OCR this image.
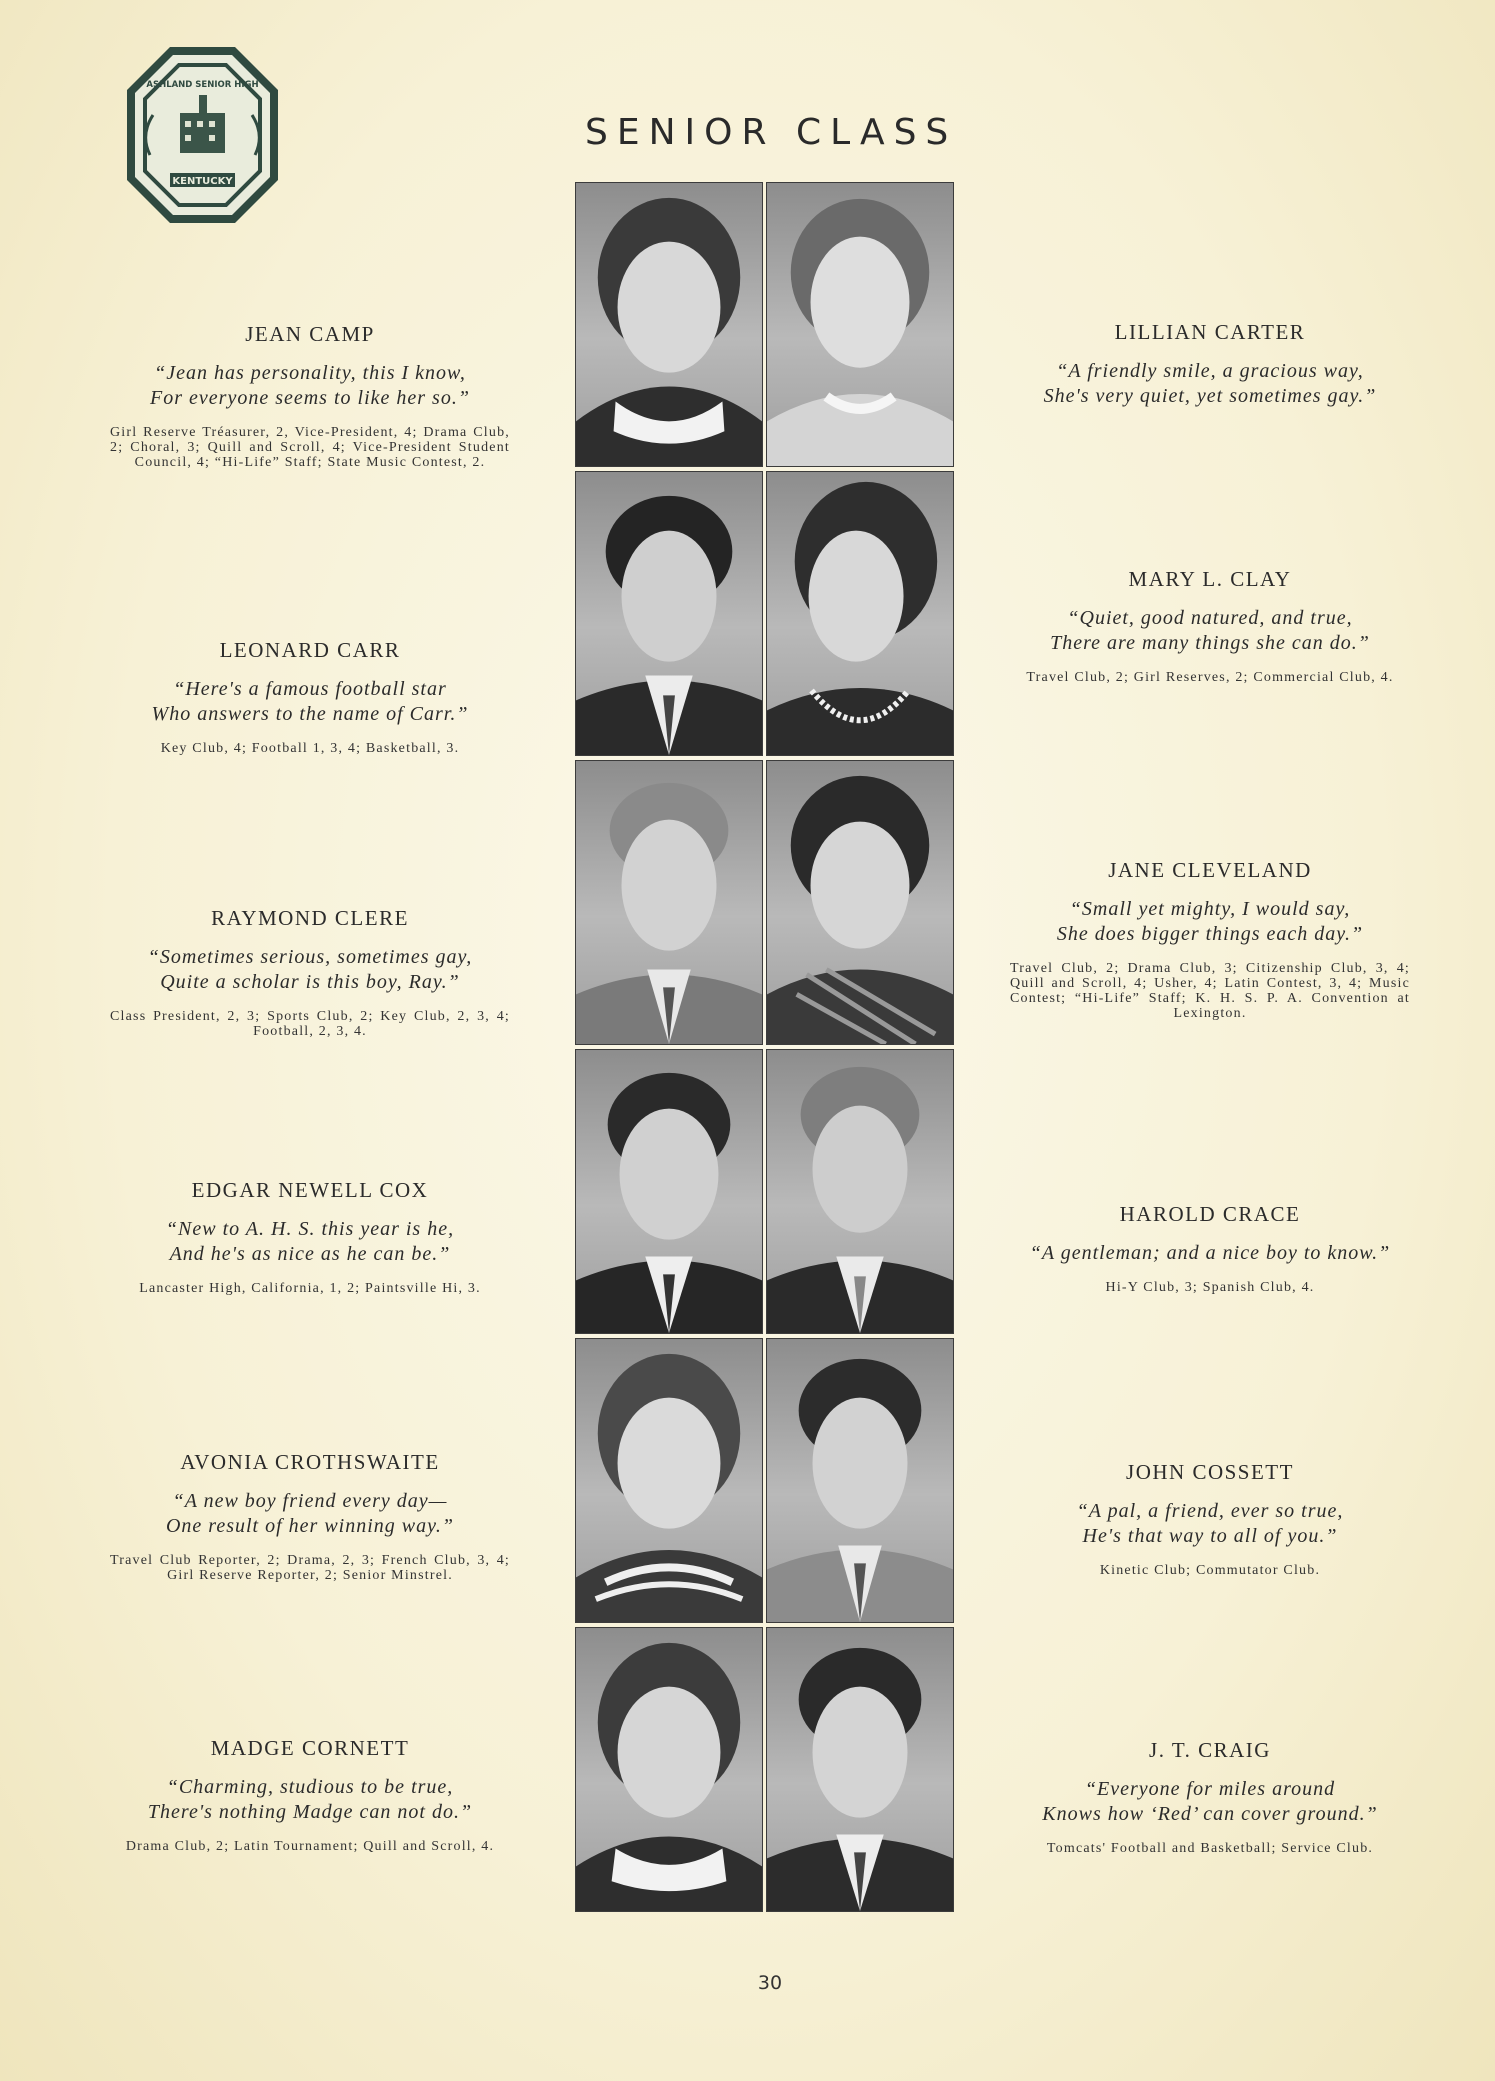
KENTUCKY
ASHLAND SENIOR HIGH
SENIOR CLASS
JEAN CAMP
“Jean has personality, this I know,
For everyone seems to like her so.”
Girl Reserve Tréasurer, 2, Vice-President, 4; Drama Club, 2; Choral, 3; Quill and Scroll, 4; Vice-President Student Council, 4; “Hi-Life” Staff; State Music Contest, 2.
LEONARD CARR
“Here's a famous football star
Who answers to the name of Carr.”
Key Club, 4; Football 1, 3, 4; Basketball, 3.
RAYMOND CLERE
“Sometimes serious, sometimes gay,
Quite a scholar is this boy, Ray.”
Class President, 2, 3; Sports Club, 2; Key Club, 2, 3, 4; Football, 2, 3, 4.
EDGAR NEWELL COX
“New to A. H. S. this year is he,
And he's as nice as he can be.”
Lancaster High, California, 1, 2; Paintsville Hi, 3.
AVONIA CROTHSWAITE
“A new boy friend every day—
One result of her winning way.”
Travel Club Reporter, 2; Drama, 2, 3; French Club, 3, 4; Girl Reserve Reporter, 2; Senior Minstrel.
MADGE CORNETT
“Charming, studious to be true,
There's nothing Madge can not do.”
Drama Club, 2; Latin Tournament; Quill and Scroll, 4.
LILLIAN CARTER
“A friendly smile, a gracious way,
She's very quiet, yet sometimes gay.”
MARY L. CLAY
“Quiet, good natured, and true,
There are many things she can do.”
Travel Club, 2; Girl Reserves, 2; Commercial Club, 4.
JANE CLEVELAND
“Small yet mighty, I would say,
She does bigger things each day.”
Travel Club, 2; Drama Club, 3; Citizenship Club, 3, 4; Quill and Scroll, 4; Usher, 4; Latin Contest, 3, 4; Music Contest; “Hi-Life” Staff; K. H. S. P. A. Convention at Lexington.
HAROLD CRACE
“A gentleman; and a nice boy to know.”
Hi-Y Club, 3; Spanish Club, 4.
JOHN COSSETT
“A pal, a friend, ever so true,
He's that way to all of you.”
Kinetic Club; Commutator Club.
J. T. CRAIG
“Everyone for miles around
Knows how ‘Red’ can cover ground.”
Tomcats' Football and Basketball; Service Club.
30
